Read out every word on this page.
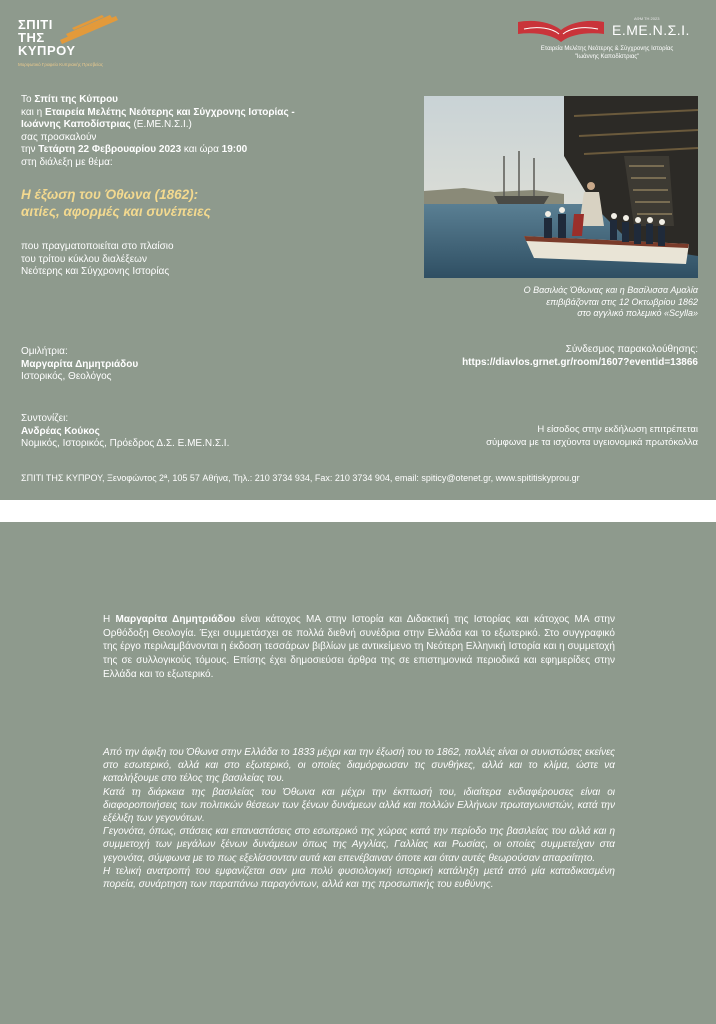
ΣΠΙΤΙ
ΤΗΣ
ΚΥΠΡΟΥ
Μορφωτικό Γραφείο Κυπριακής Πρεσβείας
ΑΦΜ ΤΗ 2023
Ε.ΜΕ.Ν.Σ.Ι.
Εταιρεία Μελέτης Νεότερης & Σύγχρονης Ιστορίας
"Ιωάννης Καποδίστριας"
Το Σπίτι της Κύπρου
και η Εταιρεία Μελέτης Νεότερης και Σύγχρονης Ιστορίας -
Ιωάννης Καποδίστριας (Ε.ΜΕ.Ν.Σ.Ι.)
σας προσκαλούν
την Τετάρτη 22 Φεβρουαρίου 2023 και ώρα 19:00
στη διάλεξη με θέμα:
Η έξωση του Όθωνα (1862):
αιτίες, αφορμές και συνέπειες
που πραγματοποιείται στο πλαίσιο
του τρίτου κύκλου διαλέξεων
Νεότερης και Σύγχρονης Ιστορίας
Ο Βασιλιάς Όθωνας και η Βασίλισσα Αμαλία
επιβιβάζονται στις 12 Οκτωβρίου 1862
στο αγγλικό πολεμικό «Scylla»
Ομιλήτρια:
Μαργαρίτα Δημητριάδου
Ιστορικός, Θεολόγος
Σύνδεσμος παρακολούθησης:
https://diavlos.grnet.gr/room/1607?eventid=13866
Συντονίζει:
Ανδρέας Κούκος
Νομικός, Ιστορικός, Πρόεδρος Δ.Σ. Ε.ΜΕ.Ν.Σ.Ι.
Η είσοδος στην εκδήλωση επιτρέπεται
σύμφωνα με τα ισχύοντα υγειονομικά πρωτόκολλα
ΣΠΙΤΙ ΤΗΣ ΚΥΠΡΟΥ, Ξενοφώντος 2ª, 105 57 Αθήνα, Τηλ.: 210 3734 934, Fax: 210 3734 904, email: spiticy@otenet.gr, www.spititiskyprou.gr
Η Μαργαρίτα Δημητριάδου είναι κάτοχος ΜΑ στην Ιστορία και Διδακτική της Ιστορίας και κάτοχος ΜΑ στην Ορθόδοξη Θεολογία. Έχει συμμετάσχει σε πολλά διεθνή συνέδρια στην Ελλάδα και το εξωτερικό. Στο συγγραφικό της έργο περιλαμβάνονται η έκδοση τεσσάρων βιβλίων με αντικείμενο τη Νεότερη Ελληνική Ιστορία και η συμμετοχή της σε συλλογικούς τόμους. Επίσης έχει δημοσιεύσει άρθρα της σε επιστημονικά περιοδικά και εφημερίδες στην Ελλάδα και το εξωτερικό.

Από την άφιξη του Όθωνα στην Ελλάδα το 1833 μέχρι και την έξωσή του το 1862, πολλές είναι οι συνιστώσες εκείνες στο εσωτερικό, αλλά και στο εξωτερικό, οι οποίες διαμόρφωσαν τις συνθήκες, αλλά και το κλίμα, ώστε να καταλήξουμε στο τέλος της βασιλείας του.

Κατά τη διάρκεια της βασιλείας του Όθωνα και μέχρι την έκπτωσή του, ιδιαίτερα ενδιαφέρουσες είναι οι διαφοροποιήσεις των πολιτικών θέσεων των ξένων δυνάμεων αλλά και πολλών Ελλήνων πρωταγωνιστών, κατά την εξέλιξη των γεγονότων.

Γεγονότα, όπως, στάσεις και επαναστάσεις στο εσωτερικό της χώρας κατά την περίοδο της βασιλείας του αλλά και η συμμετοχή των μεγάλων ξένων δυνάμεων όπως της Αγγλίας, Γαλλίας και Ρωσίας, οι οποίες συμμετείχαν στα γεγονότα, σύμφωνα με το πως εξελίσσονταν αυτά και επενέβαιναν όποτε και όταν αυτές θεωρούσαν απαραίτητο.

Η τελική ανατροπή του εμφανίζεται σαν μια πολύ φυσιολογική ιστορική κατάληξη μετά από μία καταδικασμένη πορεία, συνάρτηση των παραπάνω παραγόντων, αλλά και της προσωπικής του ευθύνης.
